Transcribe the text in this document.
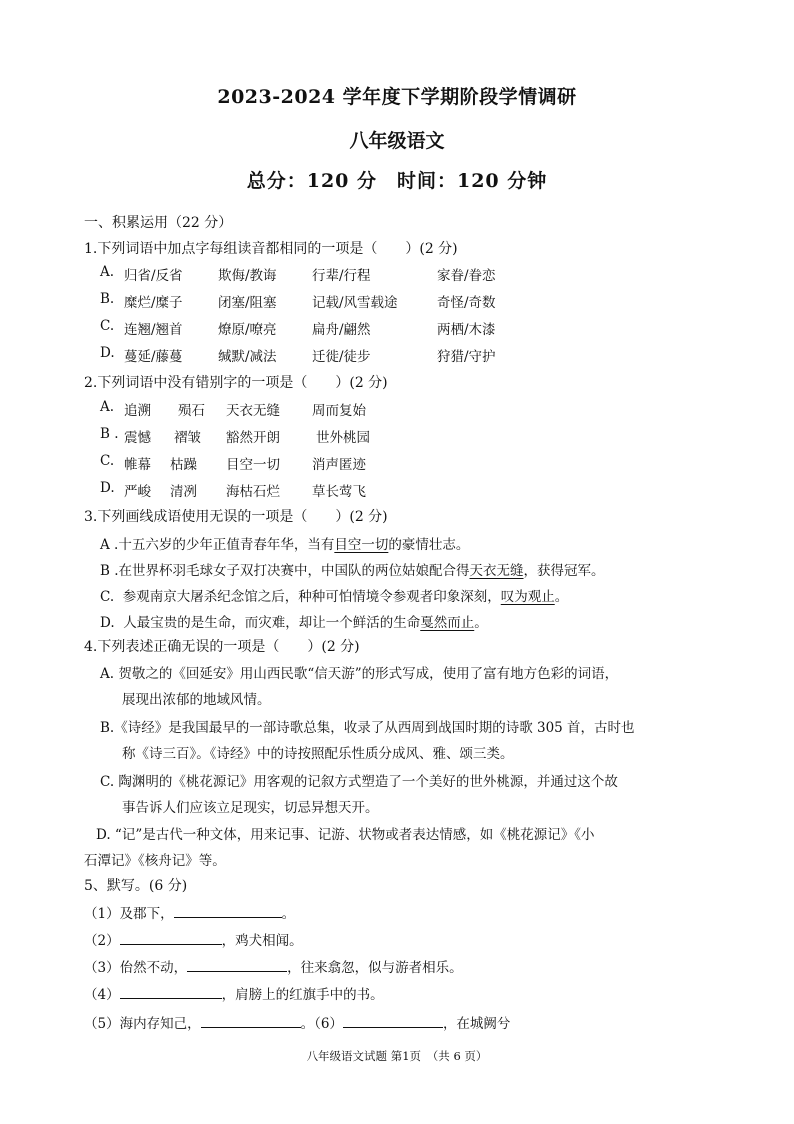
2023-2024 学年度下学期阶段学情调研
八年级语文
总分：120 分　时间：120 分钟
一、积累运用（22 分）
1.下列词语中加点字每组读音都相同的一项是（　　）(2 分)
A. 归省/反省	欺侮/教诲	行辈/行程	家眷/眷恋
B. 糜烂/糜子	闭塞/阻塞	记载/风雪载途	奇怪/奇数
C. 连翘/翘首	燎原/嘹亮	扁舟/翩然	两栖/木漆
D. 蔓延/藤蔓	缄默/减法	迁徙/徒步	狩猎/守护
2.下列词语中没有错别字的一项是（　　）(2 分)
A. 追溯 殒石 天衣无缝 周而复始
B . 震憾 褶皱 豁然开朗	世外桃园
C. 帷幕 枯躁 目空一切 消声匿迹
D. 严峻 清冽 海枯石烂 草长莺飞
3.下列画线成语使用无误的一项是（　　）(2 分)
A .十五六岁的少年正值青春年华，当有目空一切的豪情壮志。
B .在世界杯羽毛球女子双打决赛中，中国队的两位姑娘配合得天衣无缝，获得冠军。
C. 参观南京大屠杀纪念馆之后，种种可怕情境令参观者印象深刻，叹为观止。
D. 人最宝贵的是生命，而灾难，却让一个鲜活的生命戛然而止。
4.下列表述正确无误的一项是（　　）(2 分)
A. 贺敬之的《回延安》用山西民歌“信天游”的形式写成，使用了富有地方色彩的词语，
展现出浓郁的地域风情。
B.《诗经》是我国最早的一部诗歌总集，收录了从西周到战国时期的诗歌 305 首，古时也
称《诗三百》。《诗经》中的诗按照配乐性质分成风、雅、颂三类。
C. 陶渊明的《桃花源记》用客观的记叙方式塑造了一个美好的世外桃源，并通过这个故
事告诉人们应该立足现实，切忌异想天开。
D. “记”是古代一种文体，用来记事、记游、状物或者表达情感，如《桃花源记》《小
石潭记》《核舟记》等。
5、默写。(6 分)
（1）及郡下，	。
（2）	，鸡犬相闻。
（3）佁然不动，	，往来翕忽，似与游者相乐。
（4）	，肩膀上的红旗手中的书。
（5）海内存知己，	。（6）	，在城阙兮
八年级语文试题 第1页　（共 6 页）
